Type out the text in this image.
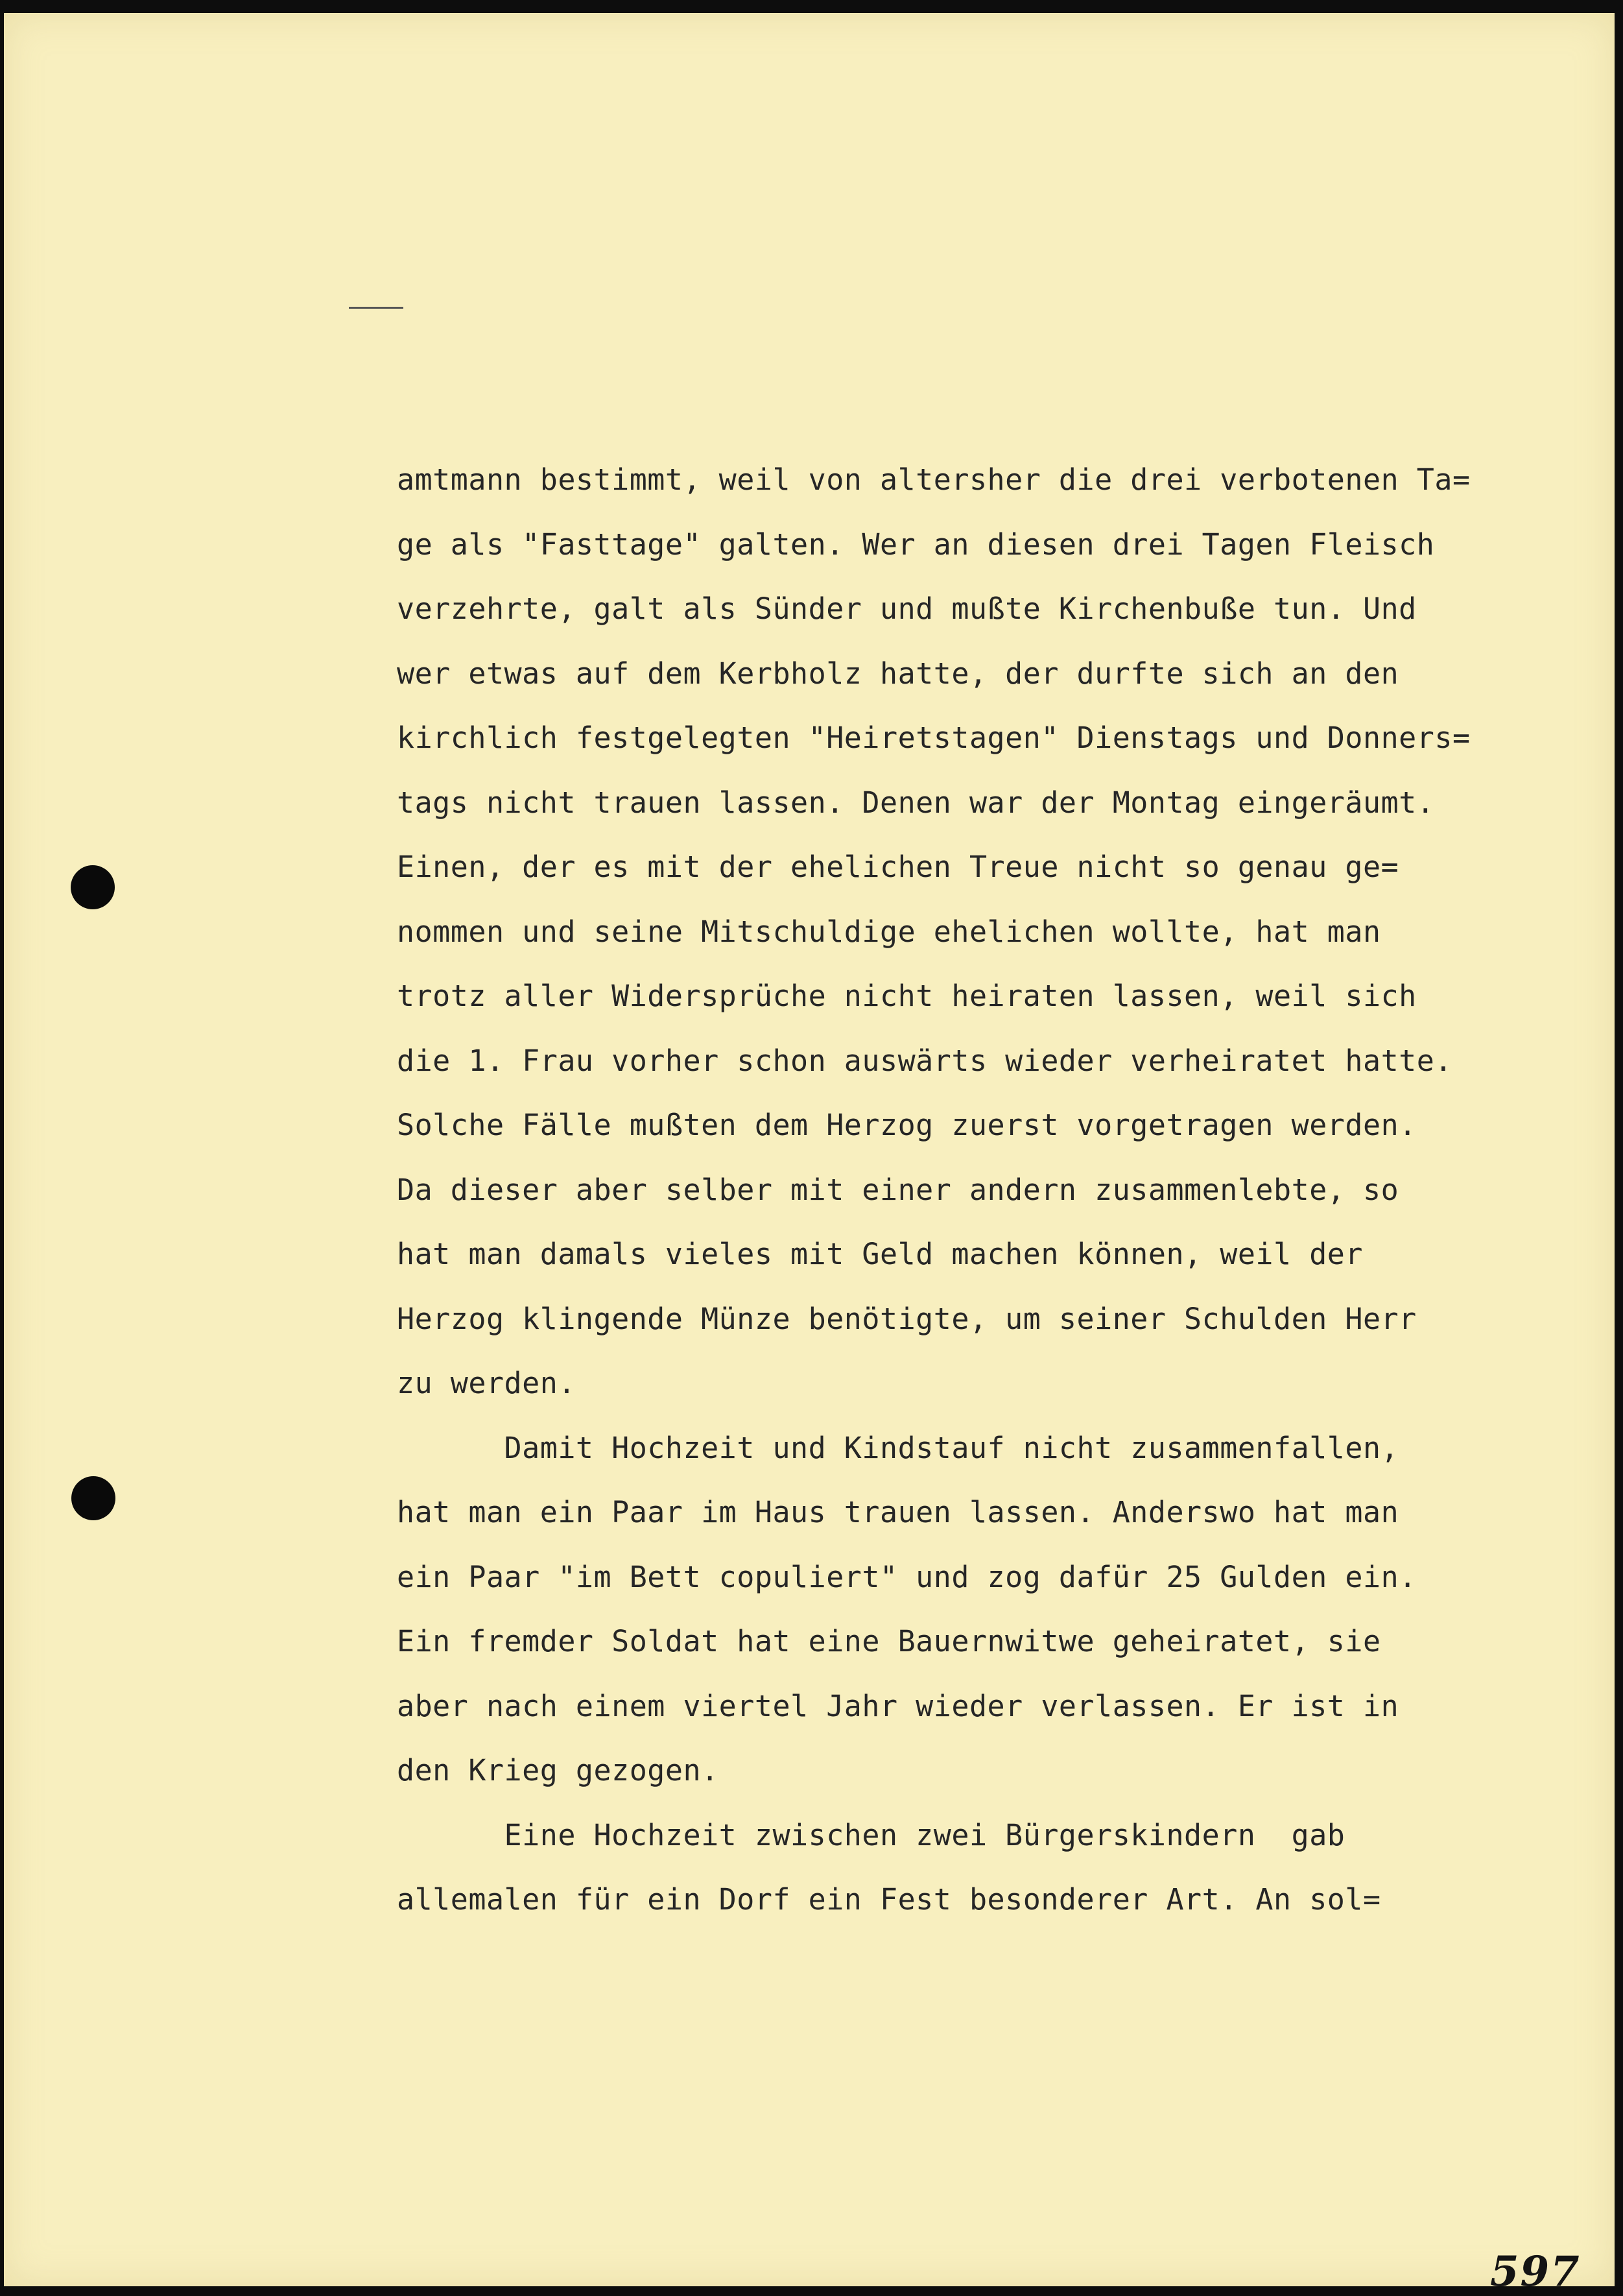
amtmann bestimmt, weil von altersher die drei verbotenen Ta=
ge als "Fasttage" galten. Wer an diesen drei Tagen Fleisch
verzehrte, galt als Sünder und mußte Kirchenbuße tun. Und
wer etwas auf dem Kerbholz hatte, der durfte sich an den
kirchlich festgelegten "Heiretstagen" Dienstags und Donners=
tags nicht trauen lassen. Denen war der Montag eingeräumt.
Einen, der es mit der ehelichen Treue nicht so genau ge=
nommen und seine Mitschuldige ehelichen wollte, hat man
trotz aller Widersprüche nicht heiraten lassen, weil sich
die 1. Frau vorher schon auswärts wieder verheiratet hatte.
Solche Fälle mußten dem Herzog zuerst vorgetragen werden.
Da dieser aber selber mit einer andern zusammenlebte, so
hat man damals vieles mit Geld machen können, weil der
Herzog klingende Münze benötigte, um seiner Schulden Herr
zu werden.
Damit Hochzeit und Kindstauf nicht zusammenfallen,
hat man ein Paar im Haus trauen lassen. Anderswo hat man
ein Paar "im Bett copuliert" und zog dafür 25 Gulden ein.
Ein fremder Soldat hat eine Bauernwitwe geheiratet, sie
aber nach einem viertel Jahr wieder verlassen. Er ist in
den Krieg gezogen.
Eine Hochzeit zwischen zwei Bürgerskindern  gab
allemalen für ein Dorf ein Fest besonderer Art. An sol=
597
